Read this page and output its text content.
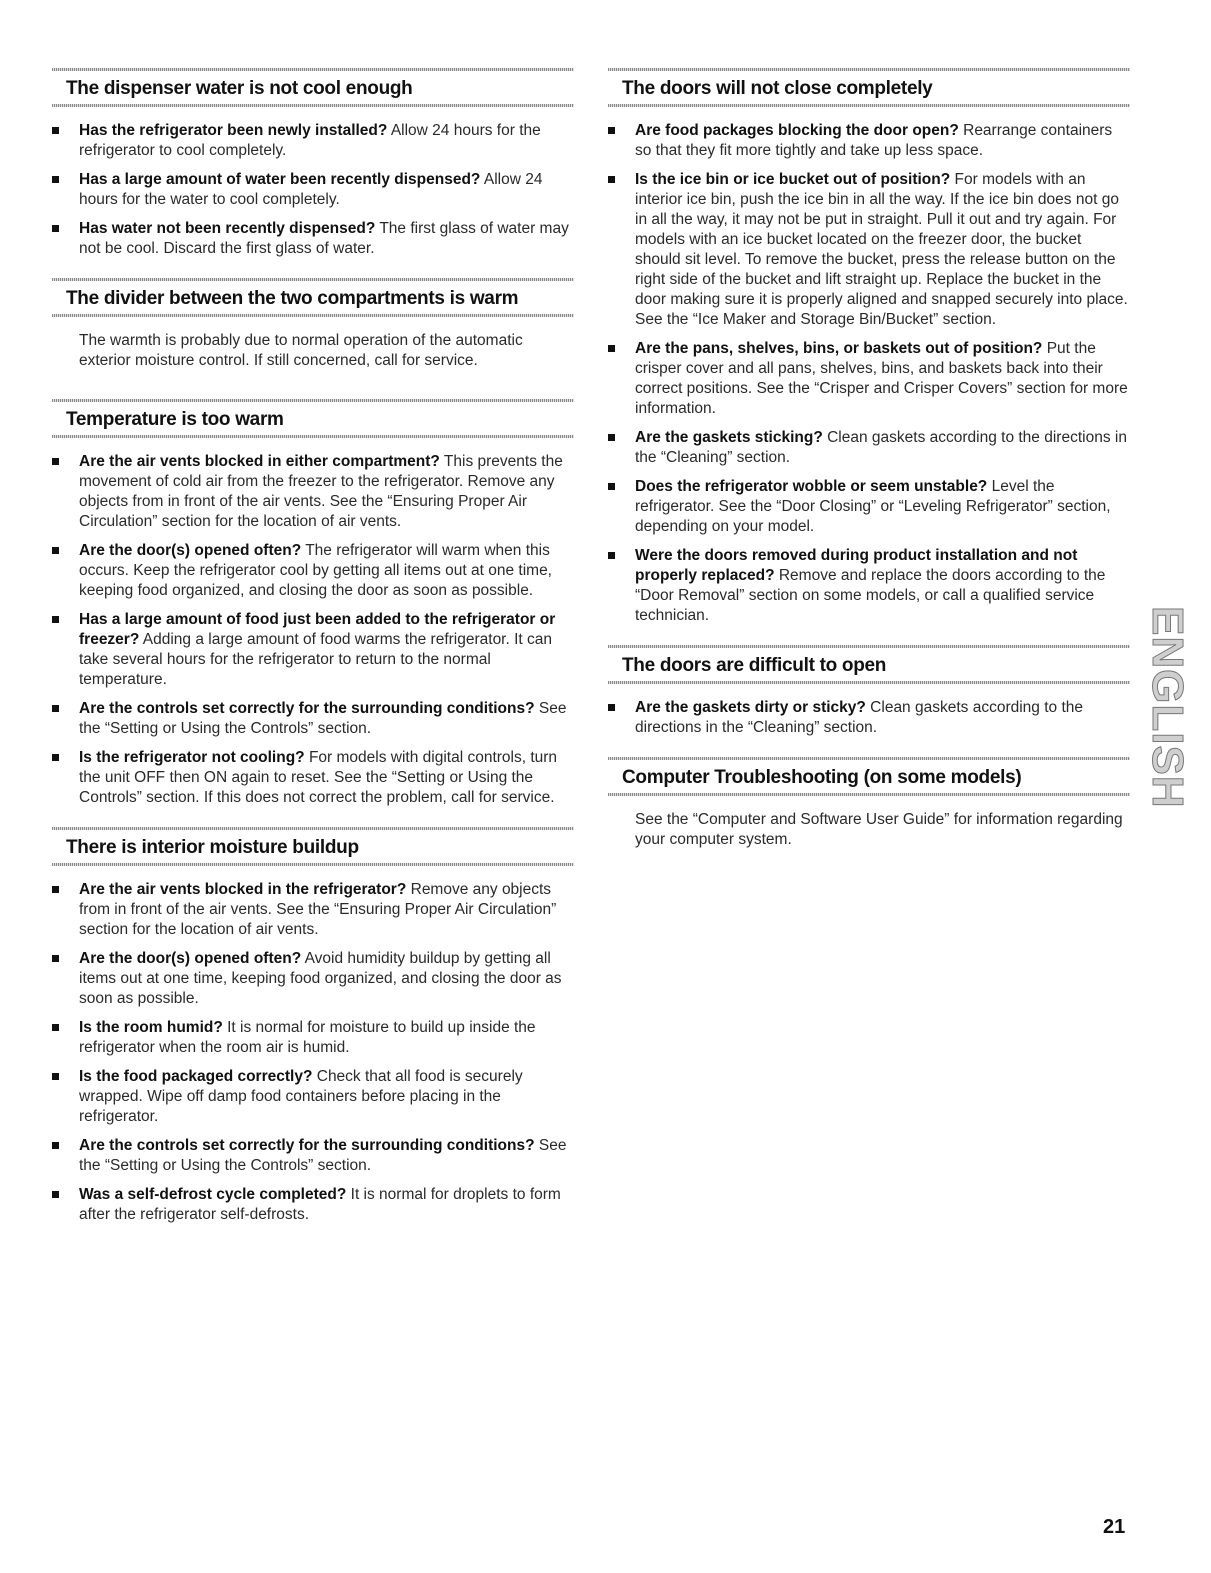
The dispenser water is not cool enough
Has the refrigerator been newly installed? Allow 24 hours for the refrigerator to cool completely.
Has a large amount of water been recently dispensed? Allow 24 hours for the water to cool completely.
Has water not been recently dispensed? The first glass of water may not be cool. Discard the first glass of water.
The divider between the two compartments is warm

The warmth is probably due to normal operation of the automatic exterior moisture control. If still concerned, call for service.

Temperature is too warm
Are the air vents blocked in either compartment? This prevents the movement of cold air from the freezer to the refrigerator. Remove any objects from in front of the air vents. See the “Ensuring Proper Air Circulation” section for the location of air vents.
Are the door(s) opened often? The refrigerator will warm when this occurs. Keep the refrigerator cool by getting all items out at one time, keeping food organized, and closing the door as soon as possible.
Has a large amount of food just been added to the refrigerator or freezer? Adding a large amount of food warms the refrigerator. It can take several hours for the refrigerator to return to the normal temperature.
Are the controls set correctly for the surrounding conditions? See the “Setting or Using the Controls” section.
Is the refrigerator not cooling? For models with digital controls, turn the unit OFF then ON again to reset. See the “Setting or Using the Controls” section. If this does not correct the problem, call for service.
There is interior moisture buildup
Are the air vents blocked in the refrigerator? Remove any objects from in front of the air vents. See the “Ensuring Proper Air Circulation” section for the location of air vents.
Are the door(s) opened often? Avoid humidity buildup by getting all items out at one time, keeping food organized, and closing the door as soon as possible.
Is the room humid? It is normal for moisture to build up inside the refrigerator when the room air is humid.
Is the food packaged correctly? Check that all food is securely wrapped. Wipe off damp food containers before placing in the refrigerator.
Are the controls set correctly for the surrounding conditions? See the “Setting or Using the Controls” section.
Was a self-defrost cycle completed? It is normal for droplets to form after the refrigerator self-defrosts.
The doors will not close completely
Are food packages blocking the door open? Rearrange containers so that they fit more tightly and take up less space.
Is the ice bin or ice bucket out of position? For models with an interior ice bin, push the ice bin in all the way. If the ice bin does not go in all the way, it may not be put in straight. Pull it out and try again. For models with an ice bucket located on the freezer door, the bucket should sit level. To remove the bucket, press the release button on the right side of the bucket and lift straight up. Replace the bucket in the door making sure it is properly aligned and snapped securely into place. See the “Ice Maker and Storage Bin/Bucket” section.
Are the pans, shelves, bins, or baskets out of position? Put the crisper cover and all pans, shelves, bins, and baskets back into their correct positions. See the “Crisper and Crisper Covers” section for more information.
Are the gaskets sticking? Clean gaskets according to the directions in the “Cleaning” section.
Does the refrigerator wobble or seem unstable? Level the refrigerator. See the “Door Closing” or “Leveling Refrigerator” section, depending on your model.
Were the doors removed during product installation and not properly replaced? Remove and replace the doors according to the “Door Removal” section on some models, or call a qualified service technician.
The doors are difficult to open
Are the gaskets dirty or sticky? Clean gaskets according to the directions in the “Cleaning” section.
Computer Troubleshooting (on some models)

See the “Computer and Software User Guide” for information regarding your computer system.

ENGLISH
21
